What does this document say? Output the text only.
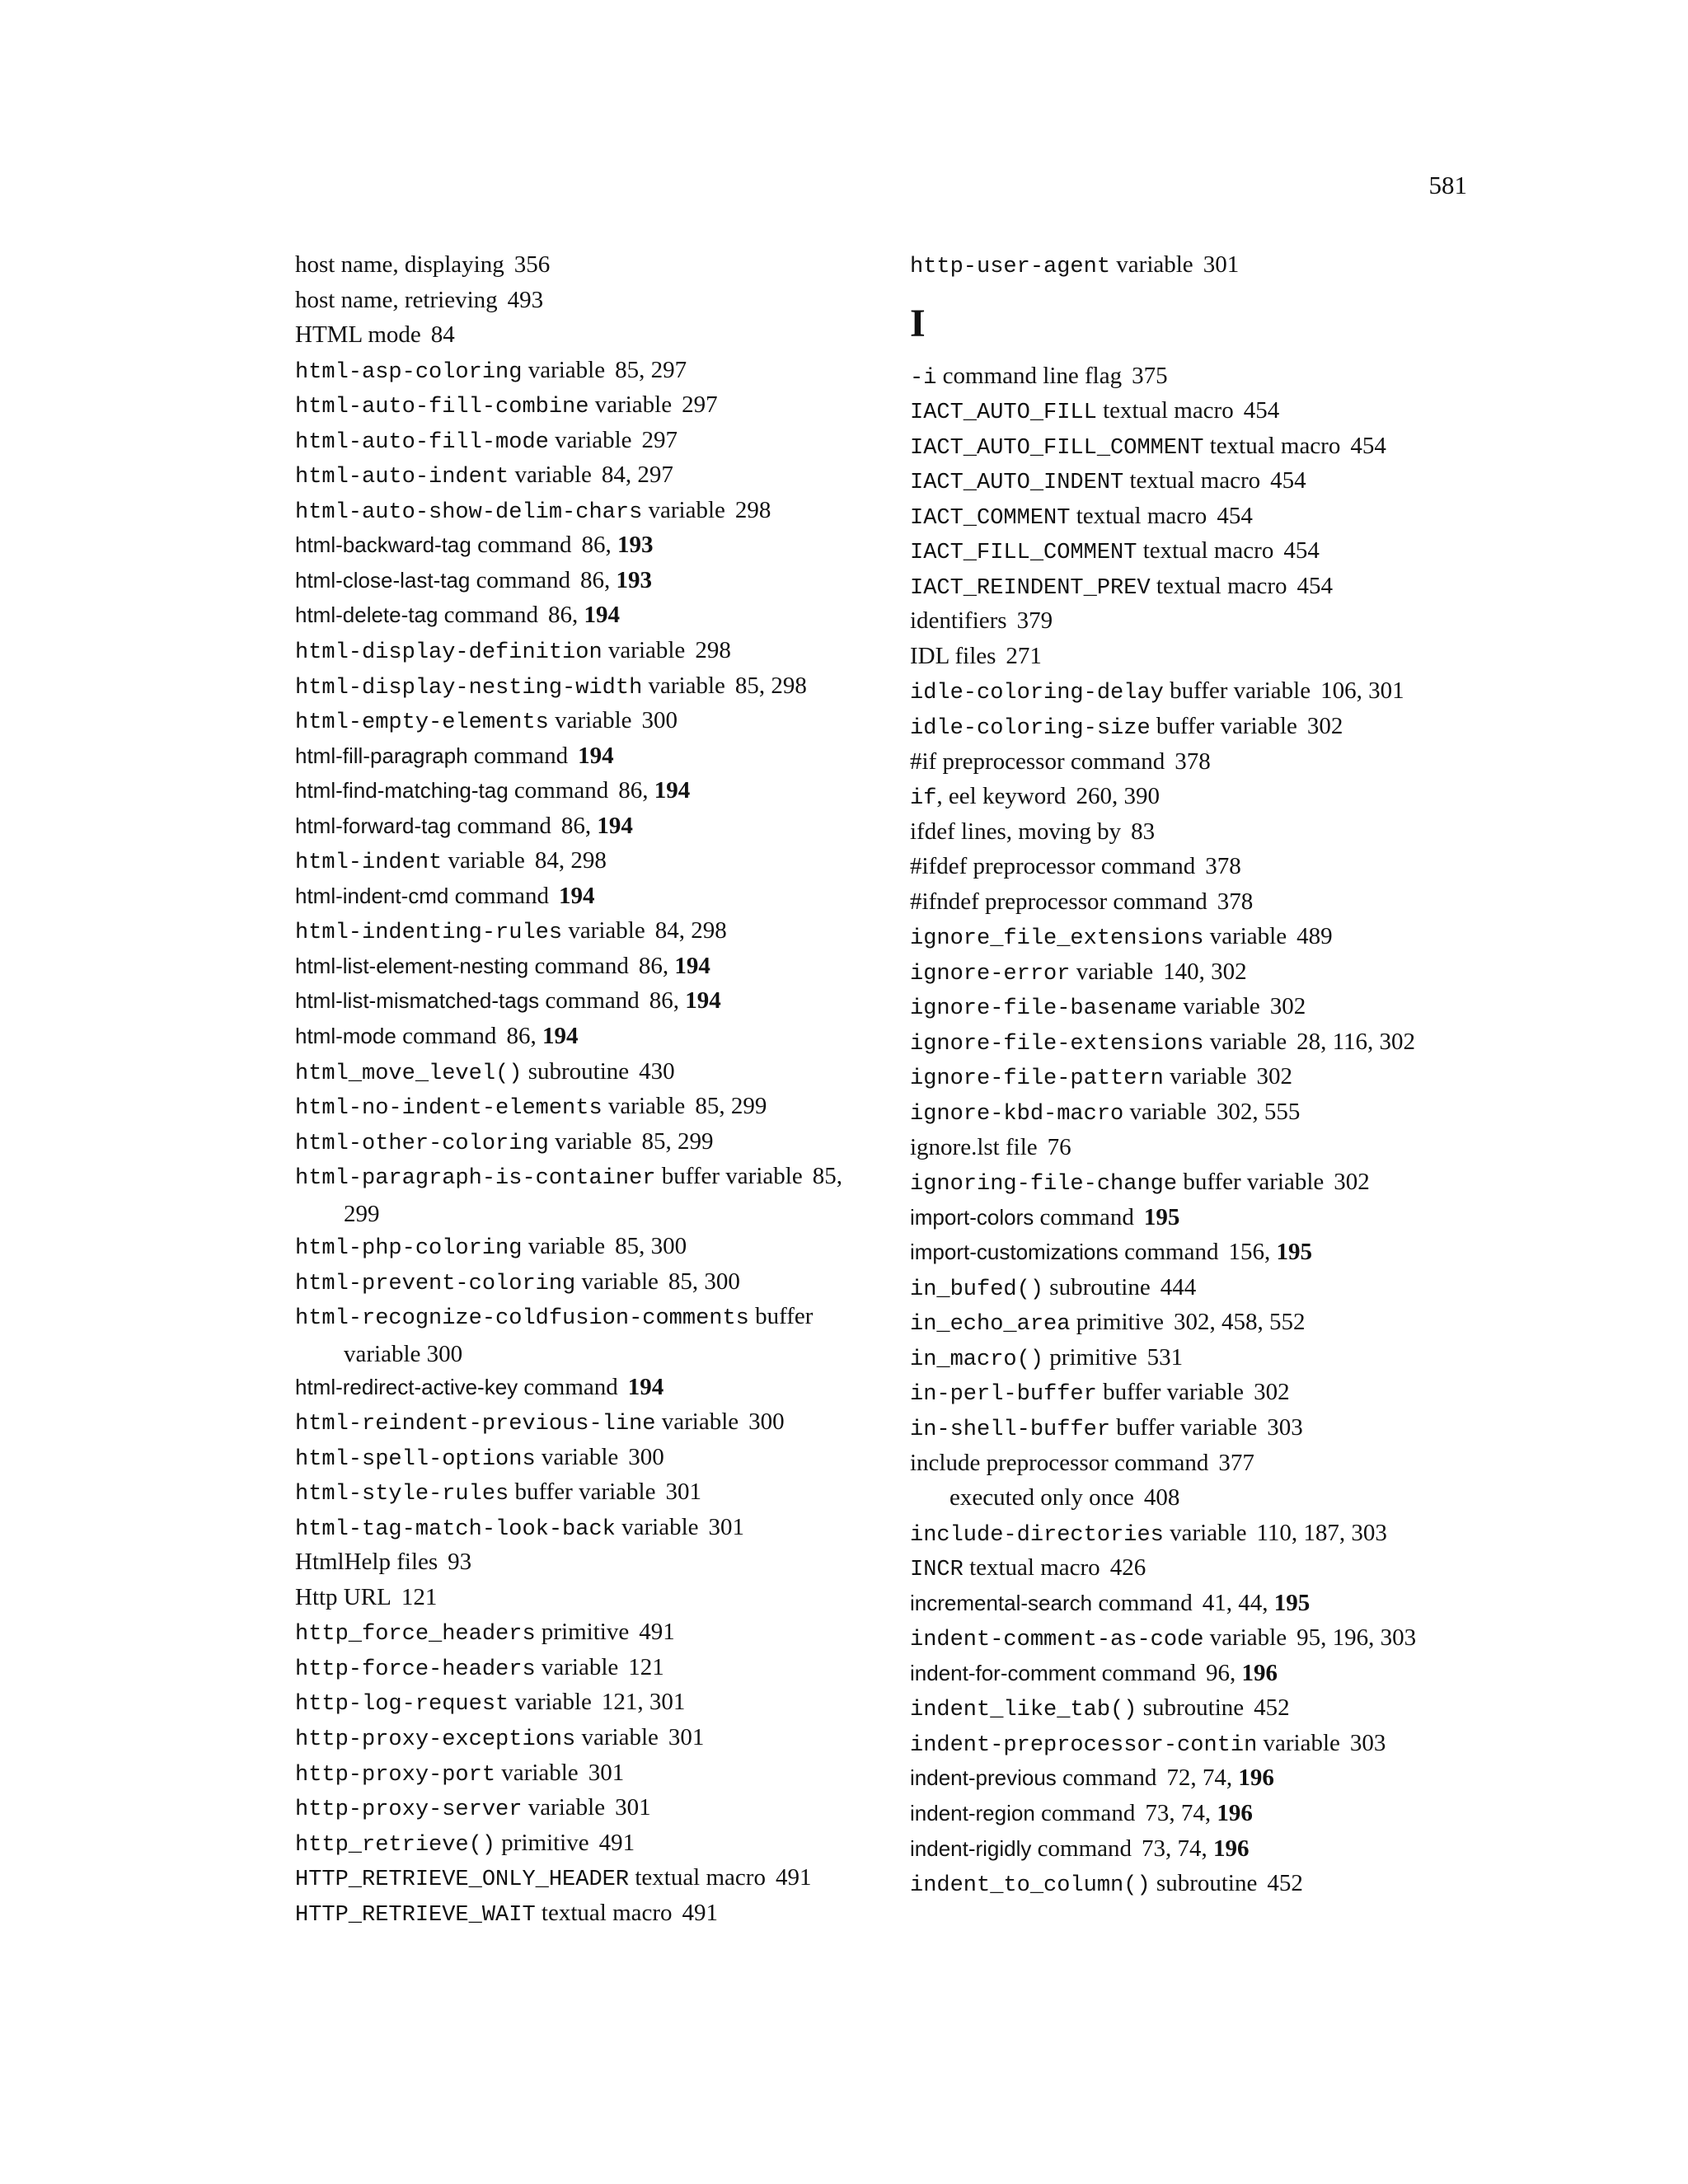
581
host name, displaying 356
host name, retrieving 493
HTML mode 84
html-asp-coloring variable 85, 297
html-auto-fill-combine variable 297
html-auto-fill-mode variable 297
html-auto-indent variable 84, 297
html-auto-show-delim-chars variable 298
html-backward-tag command 86, 193
html-close-last-tag command 86, 193
html-delete-tag command 86, 194
html-display-definition variable 298
html-display-nesting-width variable 85, 298
html-empty-elements variable 300
html-fill-paragraph command 194
html-find-matching-tag command 86, 194
html-forward-tag command 86, 194
html-indent variable 84, 298
html-indent-cmd command 194
html-indenting-rules variable 84, 298
html-list-element-nesting command 86, 194
html-list-mismatched-tags command 86, 194
html-mode command 86, 194
html_move_level() subroutine 430
html-no-indent-elements variable 85, 299
html-other-coloring variable 85, 299
html-paragraph-is-container buffer variable 85,
299
html-php-coloring variable 85, 300
html-prevent-coloring variable 85, 300
html-recognize-coldfusion-comments buffer
variable 300
html-redirect-active-key command 194
html-reindent-previous-line variable 300
html-spell-options variable 300
html-style-rules buffer variable 301
html-tag-match-look-back variable 301
HtmlHelp files 93
Http URL 121
http_force_headers primitive 491
http-force-headers variable 121
http-log-request variable 121, 301
http-proxy-exceptions variable 301
http-proxy-port variable 301
http-proxy-server variable 301
http_retrieve() primitive 491
HTTP_RETRIEVE_ONLY_HEADER textual macro 491
HTTP_RETRIEVE_WAIT textual macro 491
http-user-agent variable 301
I
-i command line flag 375
IACT_AUTO_FILL textual macro 454
IACT_AUTO_FILL_COMMENT textual macro 454
IACT_AUTO_INDENT textual macro 454
IACT_COMMENT textual macro 454
IACT_FILL_COMMENT textual macro 454
IACT_REINDENT_PREV textual macro 454
identifiers 379
IDL files 271
idle-coloring-delay buffer variable 106, 301
idle-coloring-size buffer variable 302
#if preprocessor command 378
if, eel keyword 260, 390
ifdef lines, moving by 83
#ifdef preprocessor command 378
#ifndef preprocessor command 378
ignore_file_extensions variable 489
ignore-error variable 140, 302
ignore-file-basename variable 302
ignore-file-extensions variable 28, 116, 302
ignore-file-pattern variable 302
ignore-kbd-macro variable 302, 555
ignore.lst file 76
ignoring-file-change buffer variable 302
import-colors command 195
import-customizations command 156, 195
in_bufed() subroutine 444
in_echo_area primitive 302, 458, 552
in_macro() primitive 531
in-perl-buffer buffer variable 302
in-shell-buffer buffer variable 303
include preprocessor command 377
executed only once 408
include-directories variable 110, 187, 303
INCR textual macro 426
incremental-search command 41, 44, 195
indent-comment-as-code variable 95, 196, 303
indent-for-comment command 96, 196
indent_like_tab() subroutine 452
indent-preprocessor-contin variable 303
indent-previous command 72, 74, 196
indent-region command 73, 74, 196
indent-rigidly command 73, 74, 196
indent_to_column() subroutine 452
